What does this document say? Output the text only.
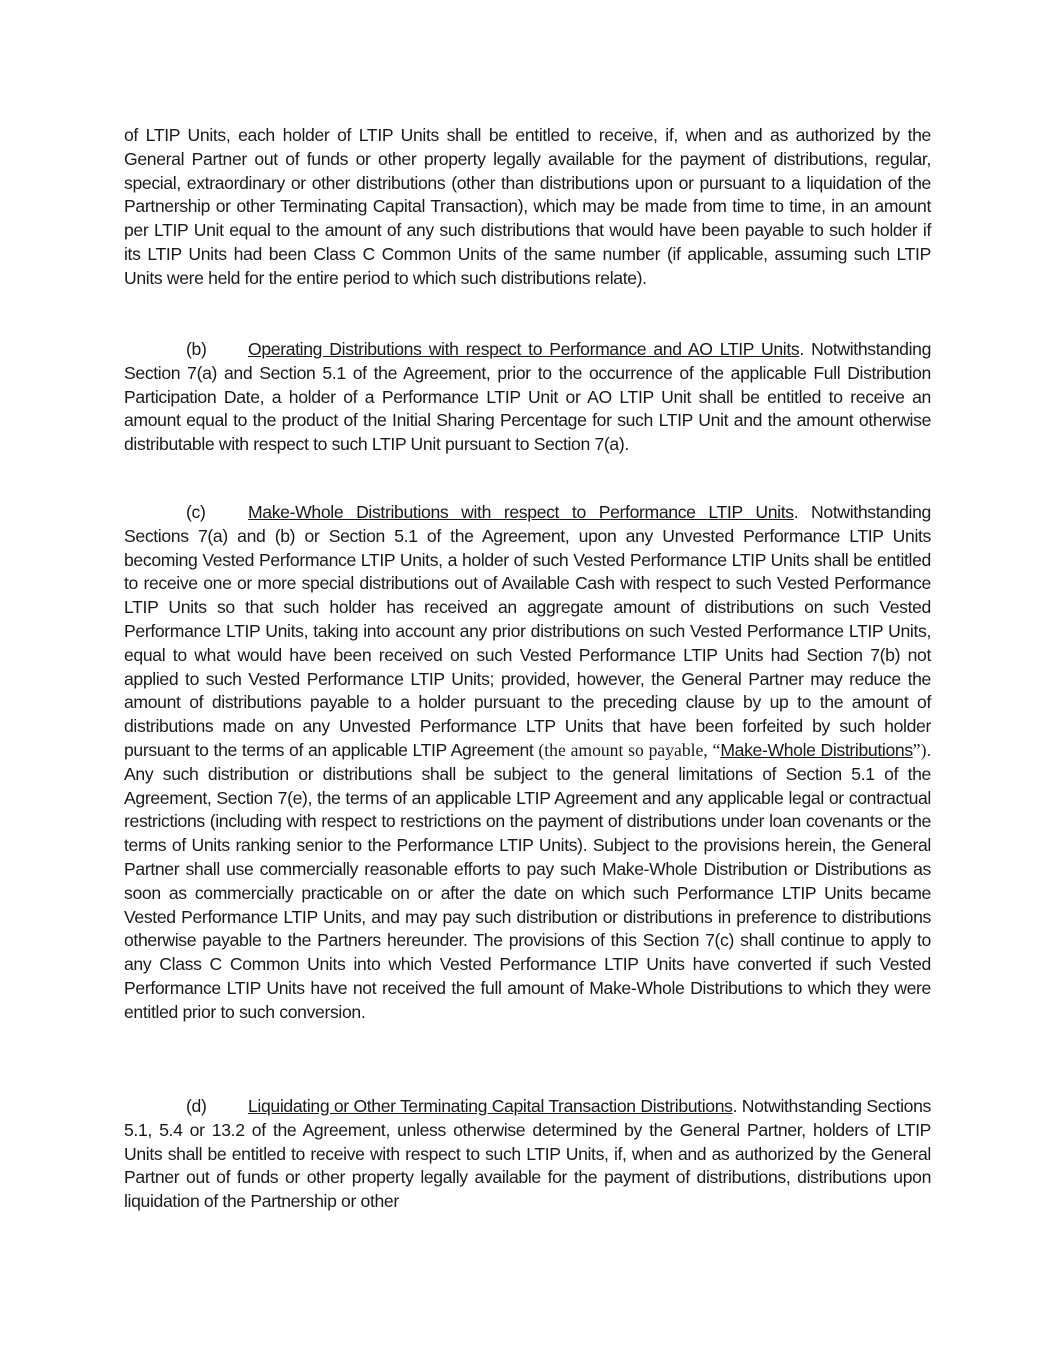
of LTIP Units, each holder of LTIP Units shall be entitled to receive, if, when and as authorized by the General Partner out of funds or other property legally available for the payment of distributions, regular, special, extraordinary or other distributions (other than distributions upon or pursuant to a liquidation of the Partnership or other Terminating Capital Transaction), which may be made from time to time, in an amount per LTIP Unit equal to the amount of any such distributions that would have been payable to such holder if its LTIP Units had been Class C Common Units of the same number (if applicable, assuming such LTIP Units were held for the entire period to which such distributions relate).

(b) Operating Distributions with respect to Performance and AO LTIP Units. Notwithstanding Section 7(a) and Section 5.1 of the Agreement, prior to the occurrence of the applicable Full Distribution Participation Date, a holder of a Performance LTIP Unit or AO LTIP Unit shall be entitled to receive an amount equal to the product of the Initial Sharing Percentage for such LTIP Unit and the amount otherwise distributable with respect to such LTIP Unit pursuant to Section 7(a).

(c) Make-Whole Distributions with respect to Performance LTIP Units. Notwithstanding Sections 7(a) and (b) or Section 5.1 of the Agreement, upon any Unvested Performance LTIP Units becoming Vested Performance LTIP Units, a holder of such Vested Performance LTIP Units shall be entitled to receive one or more special distributions out of Available Cash with respect to such Vested Performance LTIP Units so that such holder has received an aggregate amount of distributions on such Vested Performance LTIP Units, taking into account any prior distributions on such Vested Performance LTIP Units, equal to what would have been received on such Vested Performance LTIP Units had Section 7(b) not applied to such Vested Performance LTIP Units; provided, however, the General Partner may reduce the amount of distributions payable to a holder pursuant to the preceding clause by up to the amount of distributions made on any Unvested Performance LTP Units that have been forfeited by such holder pursuant to the terms of an applicable LTIP Agreement (the amount so payable, “Make-Whole Distributions”). Any such distribution or distributions shall be subject to the general limitations of Section 5.1 of the Agreement, Section 7(e), the terms of an applicable LTIP Agreement and any applicable legal or contractual restrictions (including with respect to restrictions on the payment of distributions under loan covenants or the terms of Units ranking senior to the Performance LTIP Units). Subject to the provisions herein, the General Partner shall use commercially reasonable efforts to pay such Make-Whole Distribution or Distributions as soon as commercially practicable on or after the date on which such Performance LTIP Units became Vested Performance LTIP Units, and may pay such distribution or distributions in preference to distributions otherwise payable to the Partners hereunder. The provisions of this Section 7(c) shall continue to apply to any Class C Common Units into which Vested Performance LTIP Units have converted if such Vested Performance LTIP Units have not received the full amount of Make-Whole Distributions to which they were entitled prior to such conversion.

(d) Liquidating or Other Terminating Capital Transaction Distributions. Notwithstanding Sections 5.1, 5.4 or 13.2 of the Agreement, unless otherwise determined by the General Partner, holders of LTIP Units shall be entitled to receive with respect to such LTIP Units, if, when and as authorized by the General Partner out of funds or other property legally available for the payment of distributions, distributions upon liquidation of the Partnership or other
